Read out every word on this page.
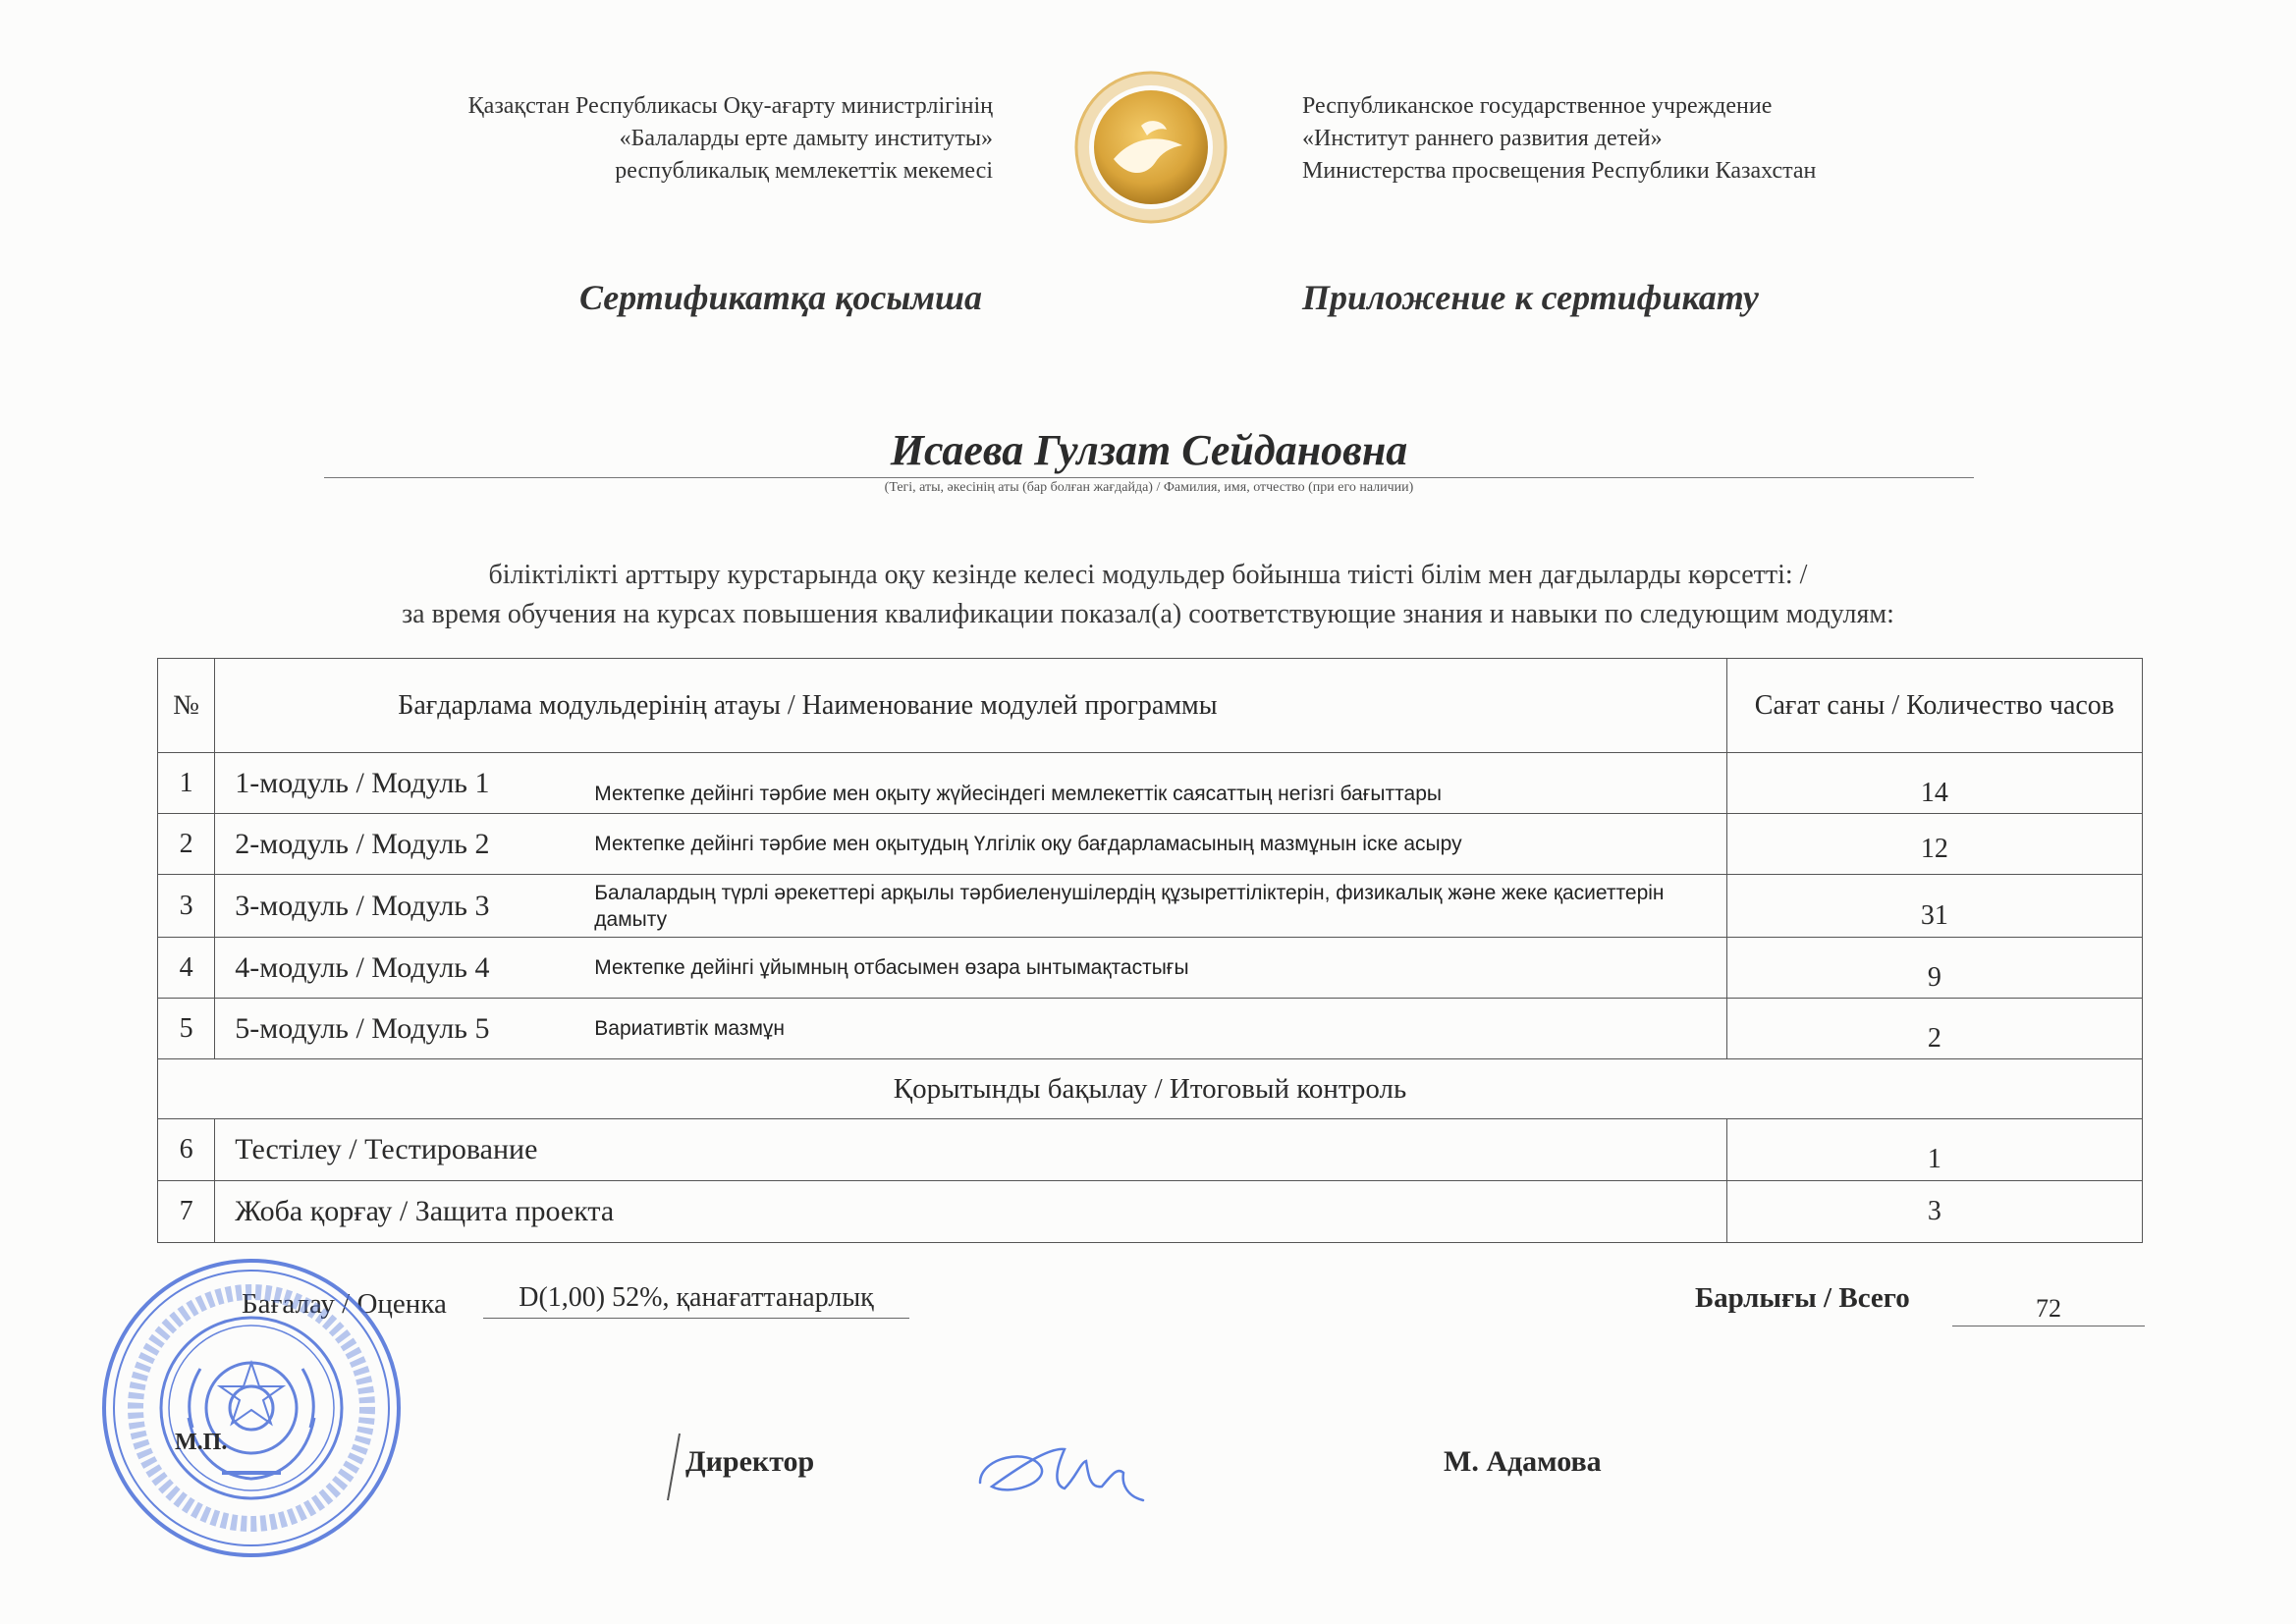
Қазақстан Республикасы Оқу-ағарту министрлігінің
«Балаларды ерте дамыту институты»
республикалық мемлекеттік мекемесі
Республиканское государственное учреждение
«Институт раннего развития детей»
Министерства просвещения Республики Казахстан
Сертификатқа қосымша	Приложение к сертификату
Исаева Гулзат Сейдановна
(Тегі, аты, әкесінің аты (бар болған жағдайда) / Фамилия, имя, отчество (при его наличии)
біліктілікті арттыру курстарында оқу кезінде келесі модульдер бойынша тиісті білім мен дағдыларды көрсетті: /
за время обучения на курсах повышения квалификации показал(а) соответствующие знания и навыки по следующим модулям:
№	Бағдарлама модульдерінің атауы / Наименование модулей программы	Сағат саны / Количество часов
1	1-модуль / Модуль 1 Мектепке дейінгі тәрбие мен оқыту жүйесіндегі мемлекеттік саясаттың негізгі бағыттары	14

2	2-модуль / Модуль 2 Мектепке дейінгі тәрбие мен оқытудың Үлгілік оқу бағдарламасының мазмұнын іске асыру	12

3	3-модуль / Модуль 3 Балалардың түрлі әрекеттері арқылы тәрбиеленушілердің құзыреттіліктерін, физикалық және жеке қасиеттерін дамыту	31

4	4-модуль / Модуль 4 Мектепке дейінгі ұйымның отбасымен өзара ынтымақтастығы	9

5	5-модуль / Модуль 5 Вариативтік мазмұн	2

Қорытынды бақылау / Итоговый контроль		
6	Тестілеу / Тестирование	1

7	Жоба қорғау / Защита проекта	3
Бағалау / Оценка	D(1,00) 52%, қанағаттанарлық	Барлығы / Всего	72
М.П.
Директор	М. Адамова
